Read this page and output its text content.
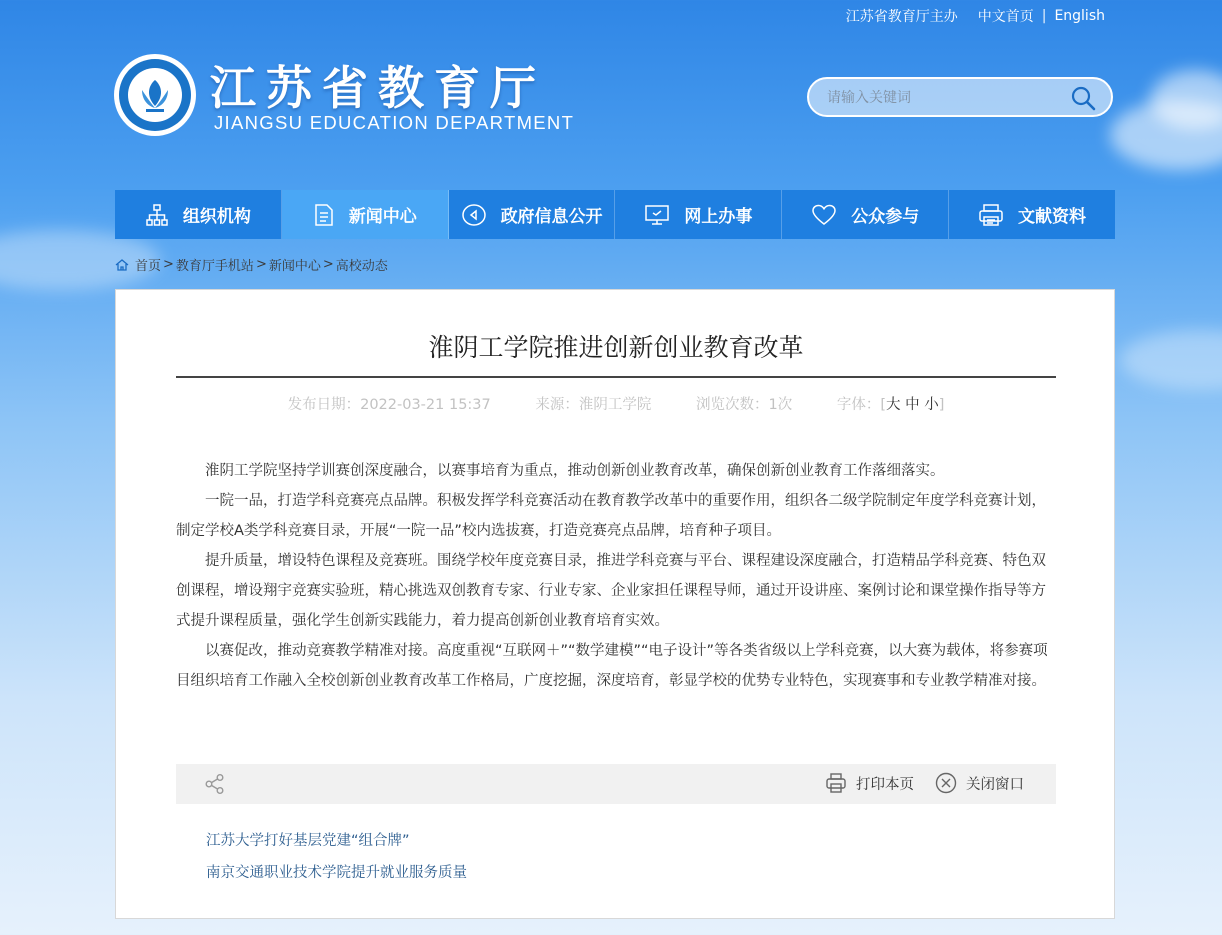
江苏省教育厅主办 中文首页 | English
江苏省教育厅
JIANGSU EDUCATION DEPARTMENT
请输入关键词
组织机构	新闻中心	政府信息公开	网上办事	公众参与	文献资料
首页 > 教育厅手机站 > 新闻中心 > 高校动态
淮阴工学院推进创新创业教育改革
发布日期：2022-03-21 15:37	来源：淮阴工学院	浏览次数：1次	字体：[大 中 小]

淮阴工学院坚持学训赛创深度融合，以赛事培育为重点，推动创新创业教育改革，确保创新创业教育工作落细落实。

一院一品，打造学科竞赛亮点品牌。积极发挥学科竞赛活动在教育教学改革中的重要作用，组织各二级学院制定年度学科竞赛计划，制定学校A类学科竞赛目录，开展“一院一品”校内选拔赛，打造竞赛亮点品牌，培育种子项目。

提升质量，增设特色课程及竞赛班。围绕学校年度竞赛目录，推进学科竞赛与平台、课程建设深度融合，打造精品学科竞赛、特色双创课程，增设翔宇竞赛实验班，精心挑选双创教育专家、行业专家、企业家担任课程导师，通过开设讲座、案例讨论和课堂操作指导等方式提升课程质量，强化学生创新实践能力，着力提高创新创业教育培育实效。

以赛促改，推动竞赛教学精准对接。高度重视“互联网＋”“数学建模”“电子设计”等各类省级以上学科竞赛，以大赛为载体，将参赛项目组织培育工作融入全校创新创业教育改革工作格局，广度挖掘，深度培育，彰显学校的优势专业特色，实现赛事和专业教学精准对接。

打印本页	关闭窗口
江苏大学打好基层党建“组合牌”
南京交通职业技术学院提升就业服务质量
